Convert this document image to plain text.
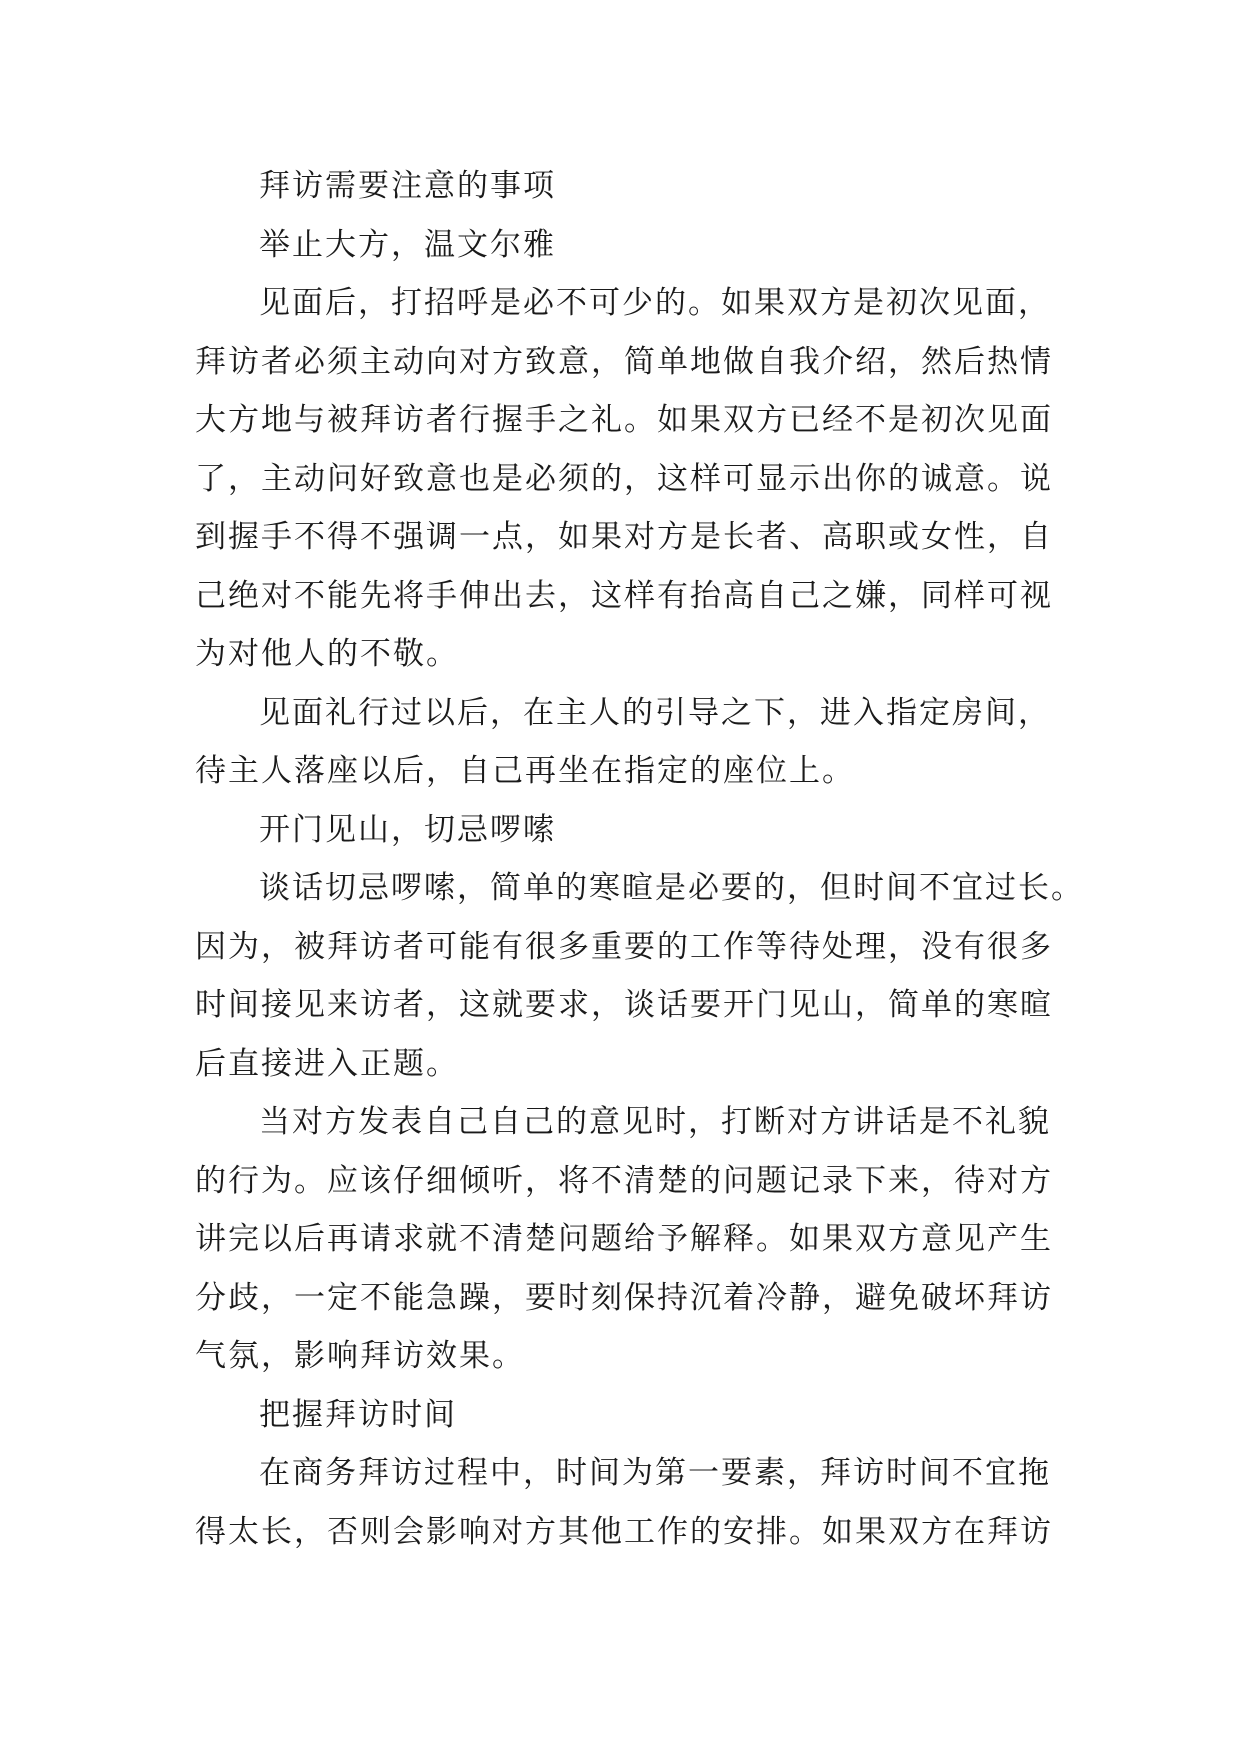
拜访需要注意的事项
举止大方，温文尔雅
见面后，打招呼是必不可少的。如果双方是初次见面，
拜访者必须主动向对方致意，简单地做自我介绍，然后热情
大方地与被拜访者行握手之礼。如果双方已经不是初次见面
了，主动问好致意也是必须的，这样可显示出你的诚意。说
到握手不得不强调一点，如果对方是长者、高职或女性，自
己绝对不能先将手伸出去，这样有抬高自己之嫌，同样可视
为对他人的不敬。
见面礼行过以后，在主人的引导之下，进入指定房间，
待主人落座以后，自己再坐在指定的座位上。
开门见山，切忌啰嗦
谈话切忌啰嗦，简单的寒暄是必要的，但时间不宜过长。
因为，被拜访者可能有很多重要的工作等待处理，没有很多
时间接见来访者，这就要求，谈话要开门见山，简单的寒暄
后直接进入正题。
当对方发表自己自己的意见时，打断对方讲话是不礼貌
的行为。应该仔细倾听，将不清楚的问题记录下来，待对方
讲完以后再请求就不清楚问题给予解释。如果双方意见产生
分歧，一定不能急躁，要时刻保持沉着冷静，避免破坏拜访
气氛，影响拜访效果。
把握拜访时间
在商务拜访过程中，时间为第一要素，拜访时间不宜拖
得太长，否则会影响对方其他工作的安排。如果双方在拜访
